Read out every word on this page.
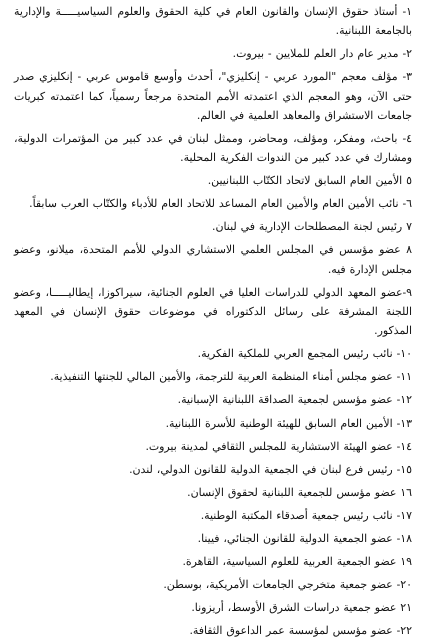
١- أستاذ حقوق الإنسان والقانون العام في كلية الحقوق والعلوم السياسيـــــة والإدارية بالجامعة اللبنانية.
٢- مدير عام دار العلم للملايين - بيروت.
٣- مؤلف معجم "المورد عربي - إنكليزي"، أحدث وأوسع قاموس عربي - إنكليزي صدر حتى الآن، وهو المعجم الذي اعتمدته الأمم المتحدة مرجعاً رسمياً، كما اعتمدته كبريات جامعات الاستشراق والمعاهد العلمية في العالم.
٤- باحث، ومفكر، ومؤلف، ومحاضر، وممثل لبنان في عدد كبير من المؤتمرات الدولية، ومشارك في عدد كبير من الندوات الفكرية المحلية.
٥ الأمين العام السابق لاتحاد الكتّاب اللبنانيين.
٦- نائب الأمين العام والأمين العام المساعد للاتحاد العام للأدباء والكتّاب العرب سابقاً.
٧ رئيس لجنة المصطلحات الإدارية في لبنان.
٨ عضو مؤسس في المجلس العلمي الاستشاري الدولي للأمم المتحدة، ميلانو، وعضو مجلس الإدارة فيه.
٩-عضو المعهد الدولي للدراسات العليا في العلوم الجنائية، سيراكوزا، إيطاليـــــا، وعضو اللجنة المشرفة على رسائل الدكتوراه في موضوعات حقوق الإنسان في المعهد المذكور.
١٠- نائب رئيس المجمع العربي للملكية الفكرية.
١١- عضو مجلس أمناء المنظمة العربية للترجمة، والأمين المالي للجنتها التنفيذية.
١٢- عضو مؤسس لجمعية الصداقة اللبنانية الإسبانية.
١٣- الأمين العام السابق للهيئة الوطنية للأسرة اللبنانية.
١٤- عضو الهيئة الاستشارية للمجلس الثقافي لمدينة بيروت.
١٥- رئيس فرع لبنان في الجمعية الدولية للقانون الدولي، لندن.
١٦ عضو مؤسس للجمعية اللبنانية لحقوق الإنسان.
١٧- نائب رئيس جمعية أصدقاء المكتبة الوطنية.
١٨- عضو الجمعية الدولية للقانون الجنائي، فيينا.
١٩ عضو الجمعية العربية للعلوم السياسية، القاهرة.
٢٠- عضو جمعية متخرجي الجامعات الأمريكية، بوسطن.
٢١ عضو جمعية دراسات الشرق الأوسط، أريزونا.
٢٢- عضو مؤسس لمؤسسة عمر الداعوق الثقافة.
